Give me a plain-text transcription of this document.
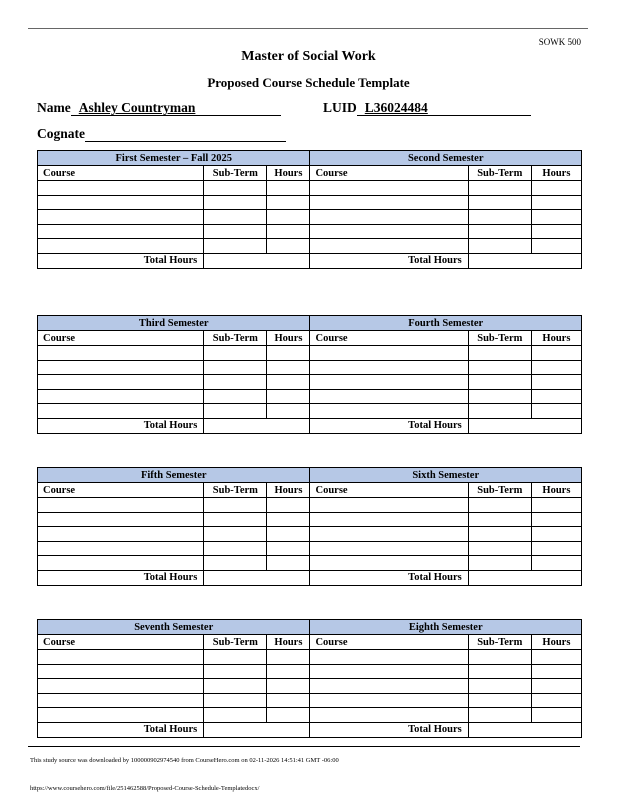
SOWK 500
Master of Social Work
Proposed Course Schedule Template
Name Ashley Countryman	LUID L36024484
Cognate
First Semester – Fall 2025			Second Semester		
Course	Sub-Term	Hours	Course	Sub-Term	Hours

Total Hours			Total Hours		
Third Semester			Fourth Semester		
Course	Sub-Term	Hours	Course	Sub-Term	Hours

Total Hours			Total Hours		
Fifth Semester			Sixth Semester		
Course	Sub-Term	Hours	Course	Sub-Term	Hours

Total Hours			Total Hours		
Seventh Semester			Eighth Semester		
Course	Sub-Term	Hours	Course	Sub-Term	Hours

Total Hours			Total Hours		
This study source was downloaded by 100000902974540 from CourseHero.com on 02-11-2026 14:51:41 GMT -06:00
https://www.coursehero.com/file/251462588/Proposed-Course-Schedule-Templatedocx/
